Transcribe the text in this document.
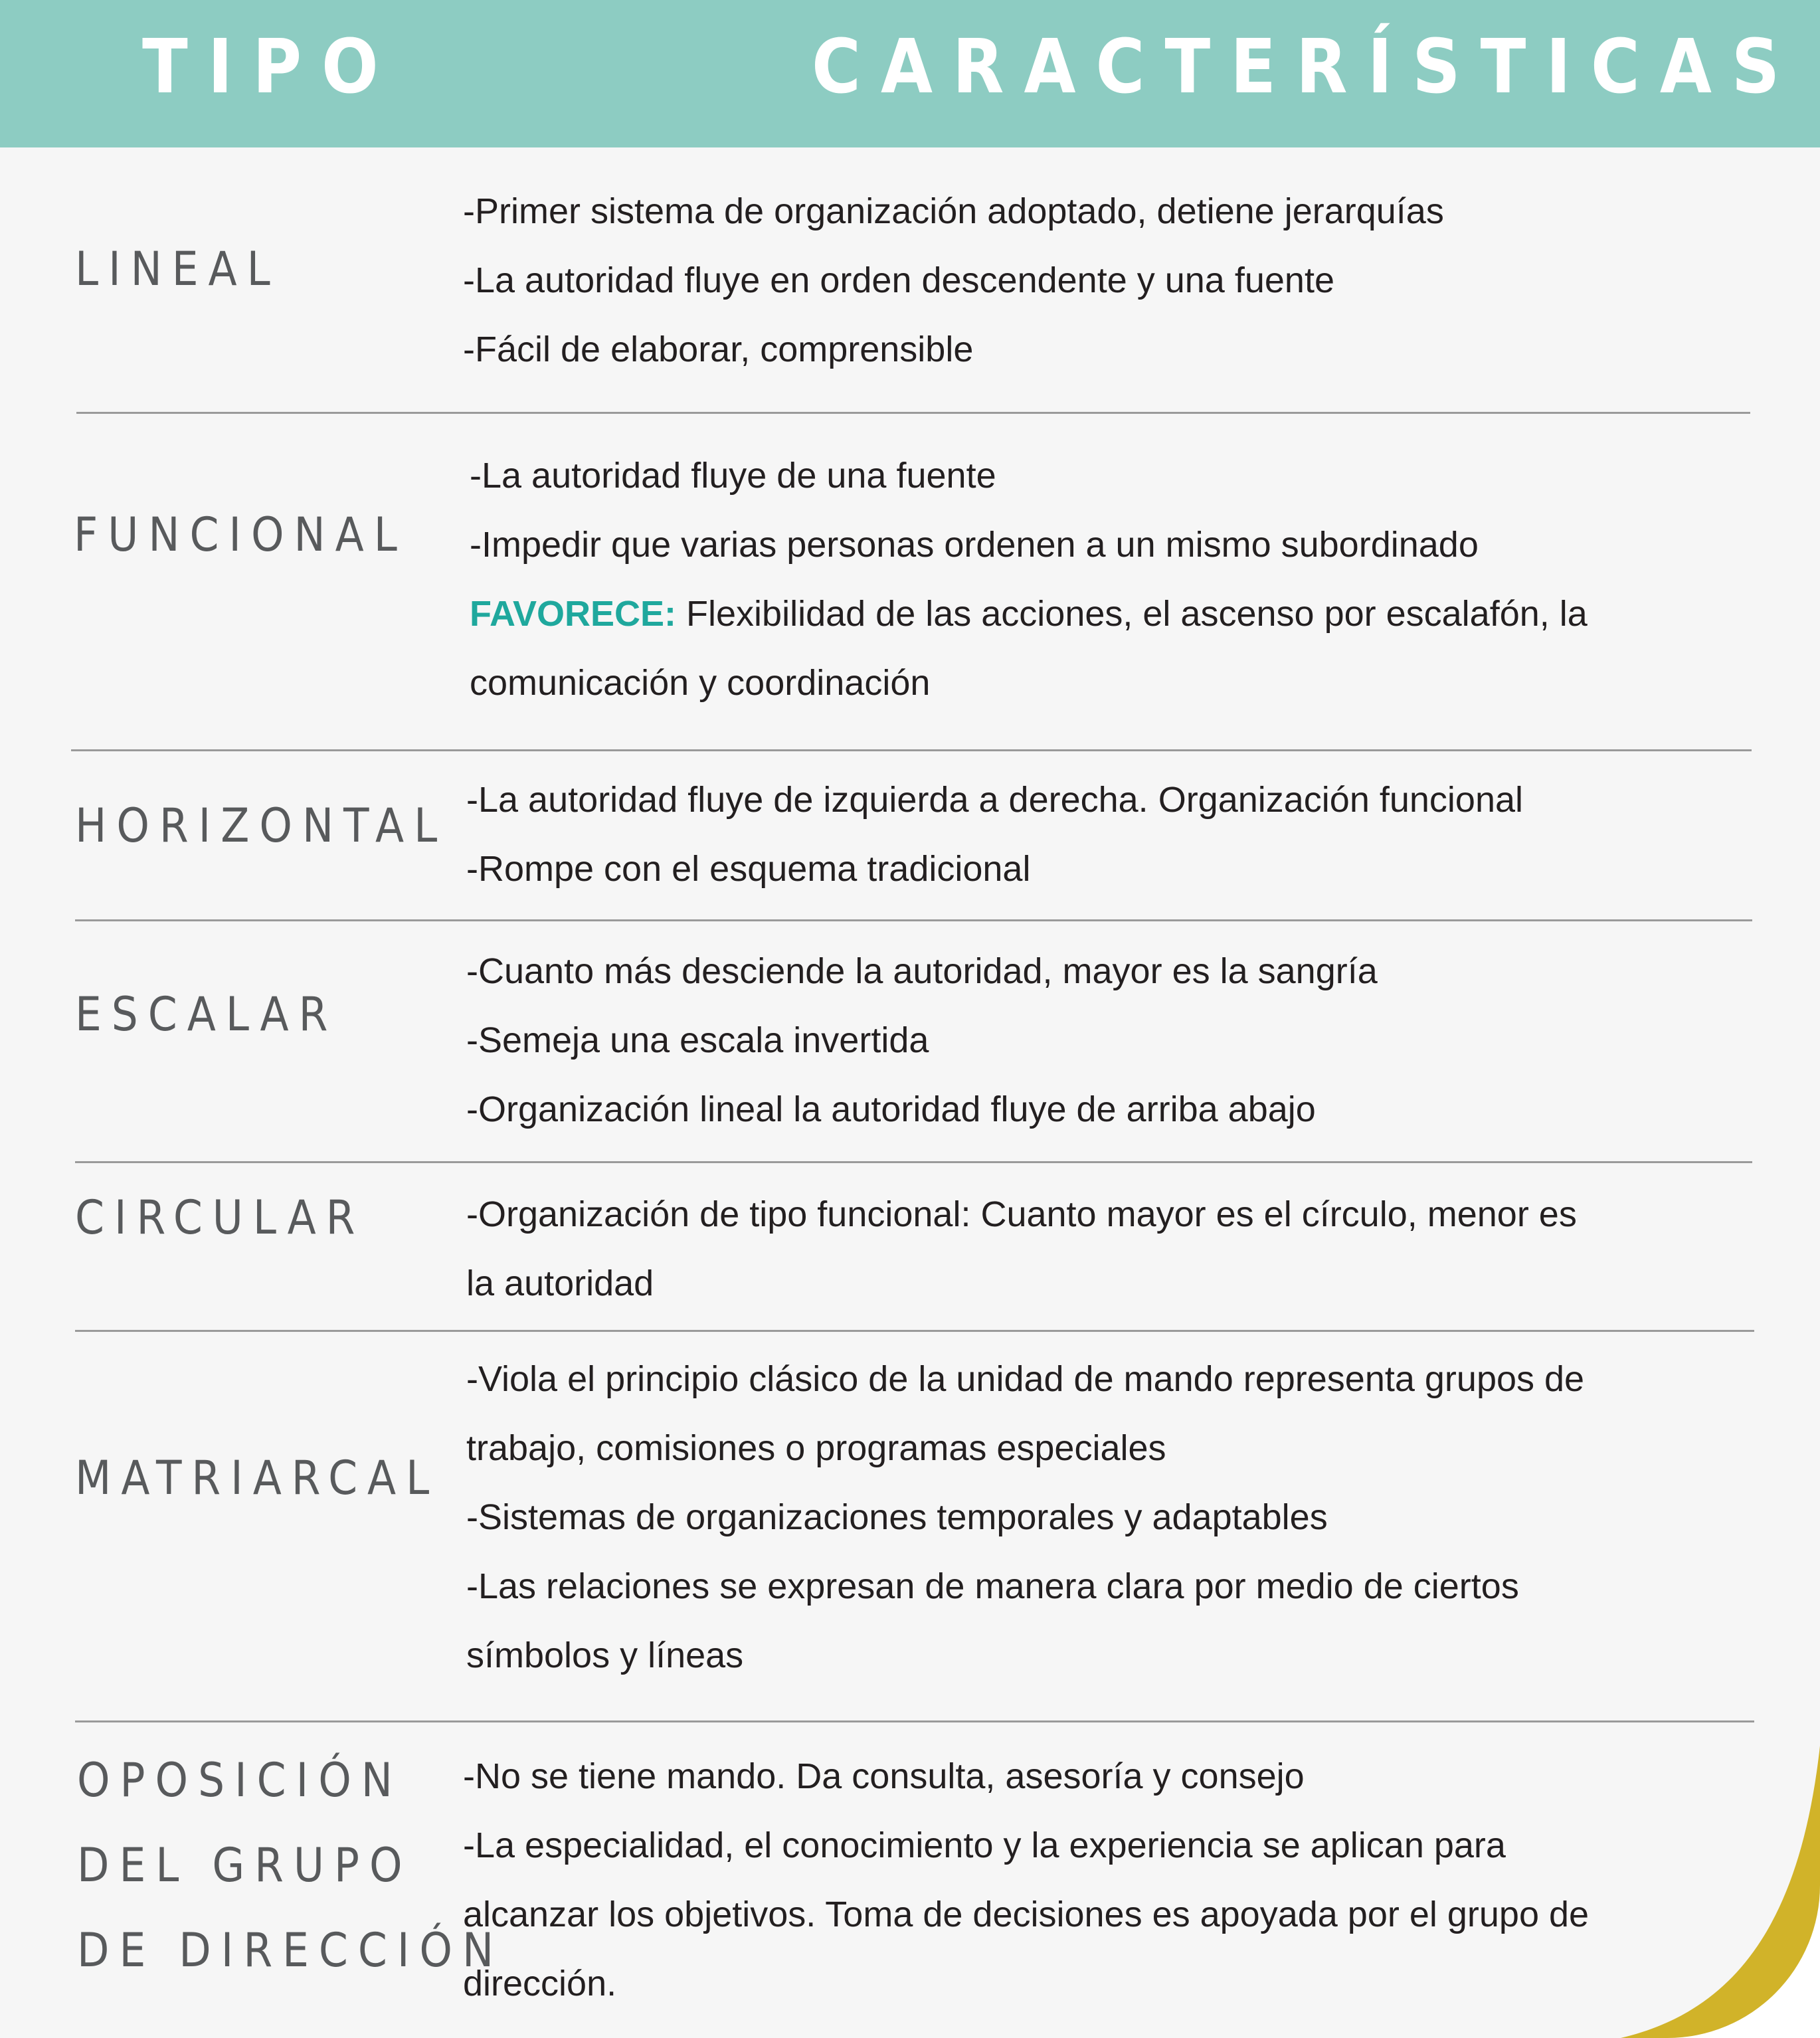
TIPO	CARACTERÍSTICAS
LINEAL
-Primer sistema de organización adoptado, detiene jerarquías
-La autoridad fluye en orden descendente y una fuente
-Fácil de elaborar, comprensible
FUNCIONAL
-La autoridad fluye de una fuente
-Impedir que varias personas ordenen a un mismo subordinado
FAVORECE: Flexibilidad de las acciones, el ascenso por escalafón, la
comunicación y coordinación
HORIZONTAL -La autoridad fluye de izquierda a derecha. Organización funcional
-Rompe con el esquema tradicional
ESCALAR
-Cuanto más desciende la autoridad, mayor es la sangría
-Semeja una escala invertida
-Organización lineal la autoridad fluye de arriba abajo
CIRCULAR	-Organización de tipo funcional: Cuanto mayor es el círculo, menor es
la autoridad
MATRIARCAL
-Viola el principio clásico de la unidad de mando representa grupos de
trabajo, comisiones o programas especiales
-Sistemas de organizaciones temporales y adaptables
-Las relaciones se expresan de manera clara por medio de ciertos
símbolos y líneas
OPOSICIÓN
DEL GRUPO
DE DIRECCIÓN
-No se tiene mando. Da consulta, asesoría y consejo
-La especialidad, el conocimiento y la experiencia se aplican para
alcanzar los objetivos. Toma de decisiones es apoyada por el grupo de
dirección.
